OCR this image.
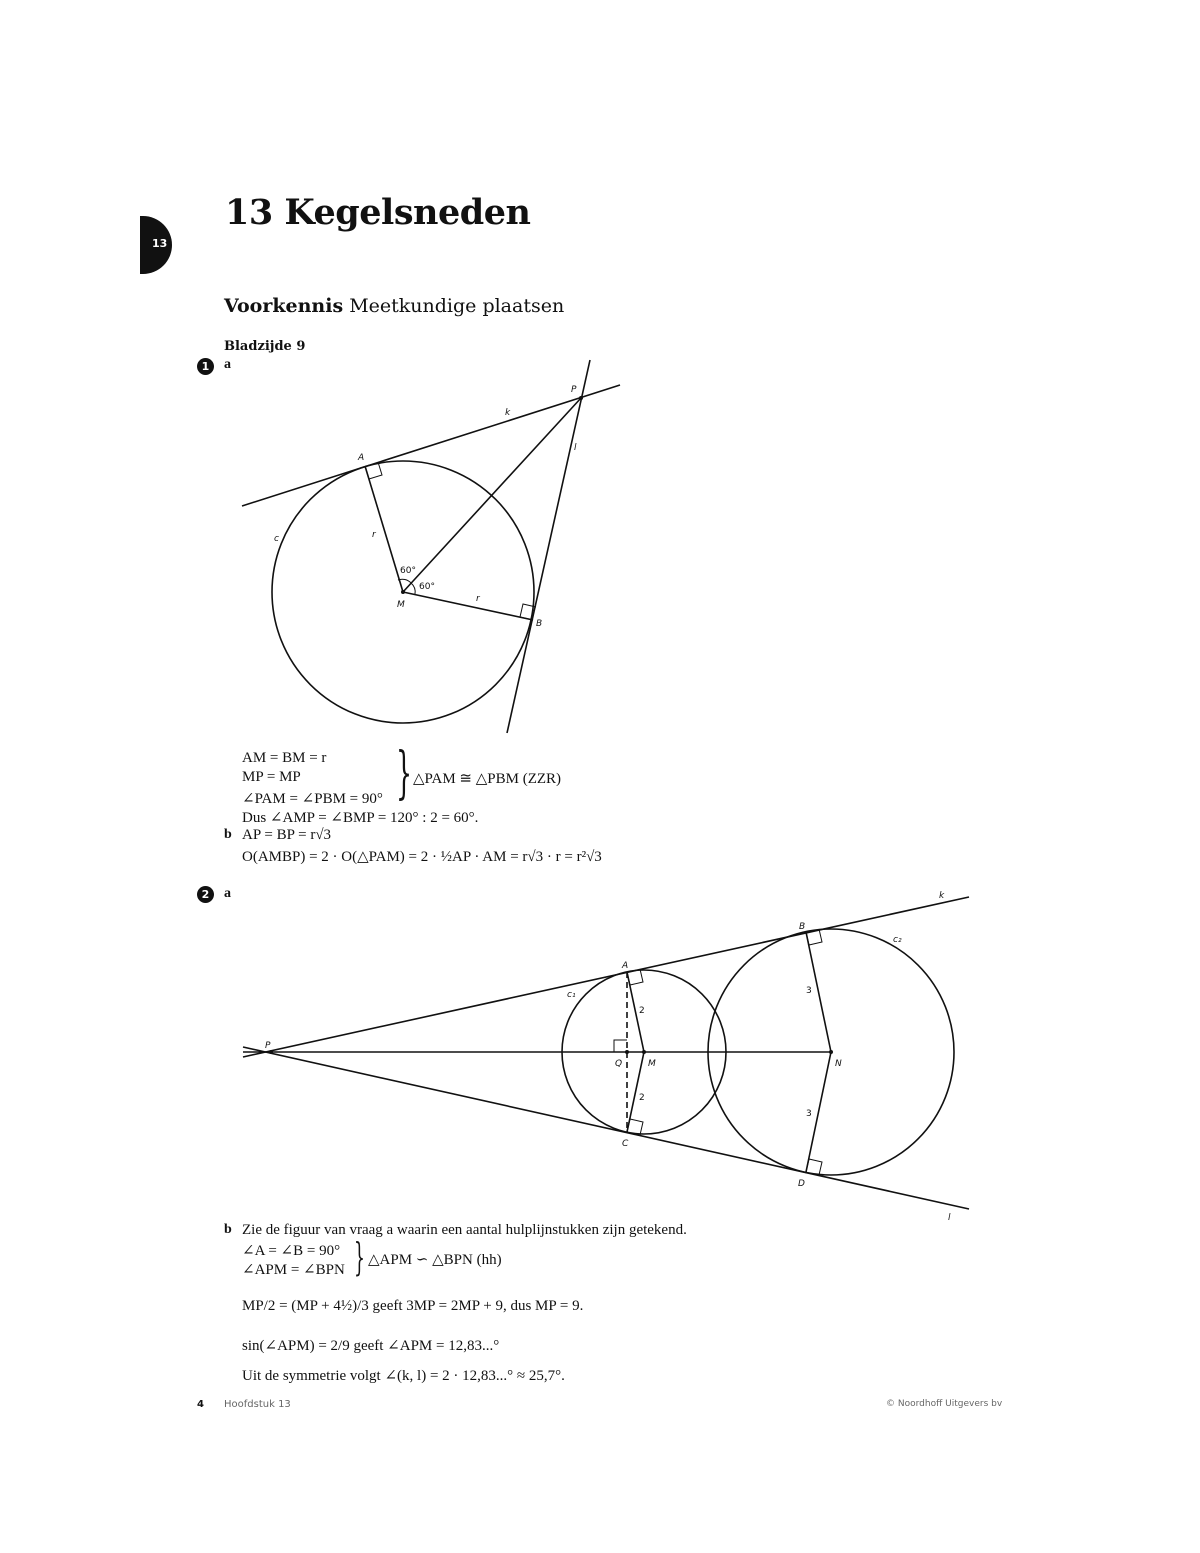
13
13 Kegelsneden
Voorkennis Meetkundige plaatsen
Bladzijde 9
1	a
P
k
l
A
c	r
r
M
B
60°
60°
AM = BM = r
MP = MP
∠PAM = ∠PBM = 90° } △PAM ≅ △PBM (ZZR)
Dus ∠AMP = ∠BMP = 120° : 2 = 60°.
b AP = BP = r√3
O(AMBP) = 2 · O(△PAM) = 2 · ½AP · AM = r√3 · r = r²√3
2	a	k
l
B
c₂
A
c₁
P
Q	M	N
C
D
2
2
3
3
b Zie de figuur van vraag a waarin een aantal hulplijnstukken zijn getekend.
∠A = ∠B = 90°
∠APM = ∠BPN } △APM ∽ △BPN (hh)
MP/2 = (MP + 4½)/3 geeft 3MP = 2MP + 9, dus MP = 9.
sin(∠APM) = 2/9 geeft ∠APM = 12,83...°
Uit de symmetrie volgt ∠(k, l) = 2 · 12,83...° ≈ 25,7°.
4 Hoofdstuk 13	© Noordhoff Uitgevers bv
